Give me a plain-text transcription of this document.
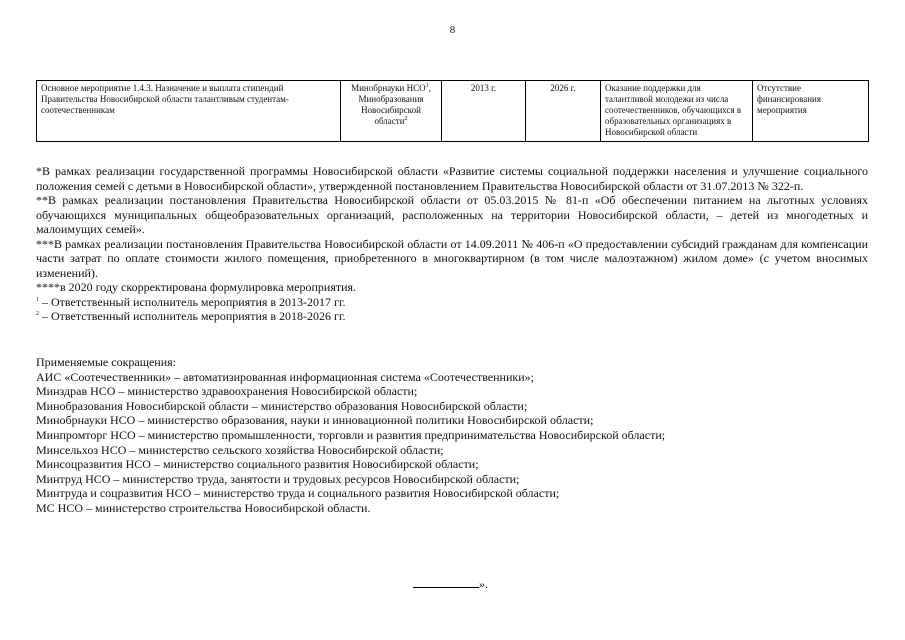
8
Основное мероприятие 1.4.3. Назначение и выплата стипендий Правительства Новосибирской области талантливым студентам-соотечественникам	Минобрнауки НСО$^1$, Минобразования Новосибирской области$^2$	2013 г.	2026 г.	Оказание поддержки для талантливой молодежи из числа соотечественников, обучающихся в образовательных организациях в Новосибирской области	Отсутствие финансирования мероприятия

*В рамках реализации государственной программы Новосибирской области «Развитие системы социальной поддержки населения и улучшение социального положения семей с детьми в Новосибирской области», утвержденной постановлением Правительства Новосибирской области от 31.07.2013 № 322-п.

**В рамках реализации постановления Правительства Новосибирской области от 05.03.2015 № 81-п «Об обеспечении питанием на льготных условиях обучающихся муниципальных общеобразовательных организаций, расположенных на территории Новосибирской области, – детей из многодетных и малоимущих семей».

***В рамках реализации постановления Правительства Новосибирской области от 14.09.2011 № 406-п «О предоставлении субсидий гражданам для компенсации части затрат по оплате стоимости жилого помещения, приобретенного в многоквартирном (в том числе малоэтажном) жилом доме» (с учетом вносимых изменений).

****в 2020 году скорректирована формулировка мероприятия.

$^1$ – Ответственный исполнитель мероприятия в 2013-2017 гг.

$^2$ – Ответственный исполнитель мероприятия в 2018-2026 гг.

Применяемые сокращения:

АИС «Соотечественники» – автоматизированная информационная система «Соотечественники»;

Минздрав НСО – министерство здравоохранения Новосибирской области;

Минобразования Новосибирской области – министерство образования Новосибирской области;

Минобрнауки НСО – министерство образования, науки и инновационной политики Новосибирской области;

Минпромторг НСО – министерство промышленности, торговли и развития предпринимательства Новосибирской области;

Минсельхоз НСО – министерство сельского хозяйства Новосибирской области;

Минсоцразвития НСО – министерство социального развития Новосибирской области;

Минтруд НСО – министерство труда, занятости и трудовых ресурсов Новосибирской области;

Минтруда и соцразвития НСО – министерство труда и социального развития Новосибирской области;

МС НСО – министерство строительства Новосибирской области.

».
